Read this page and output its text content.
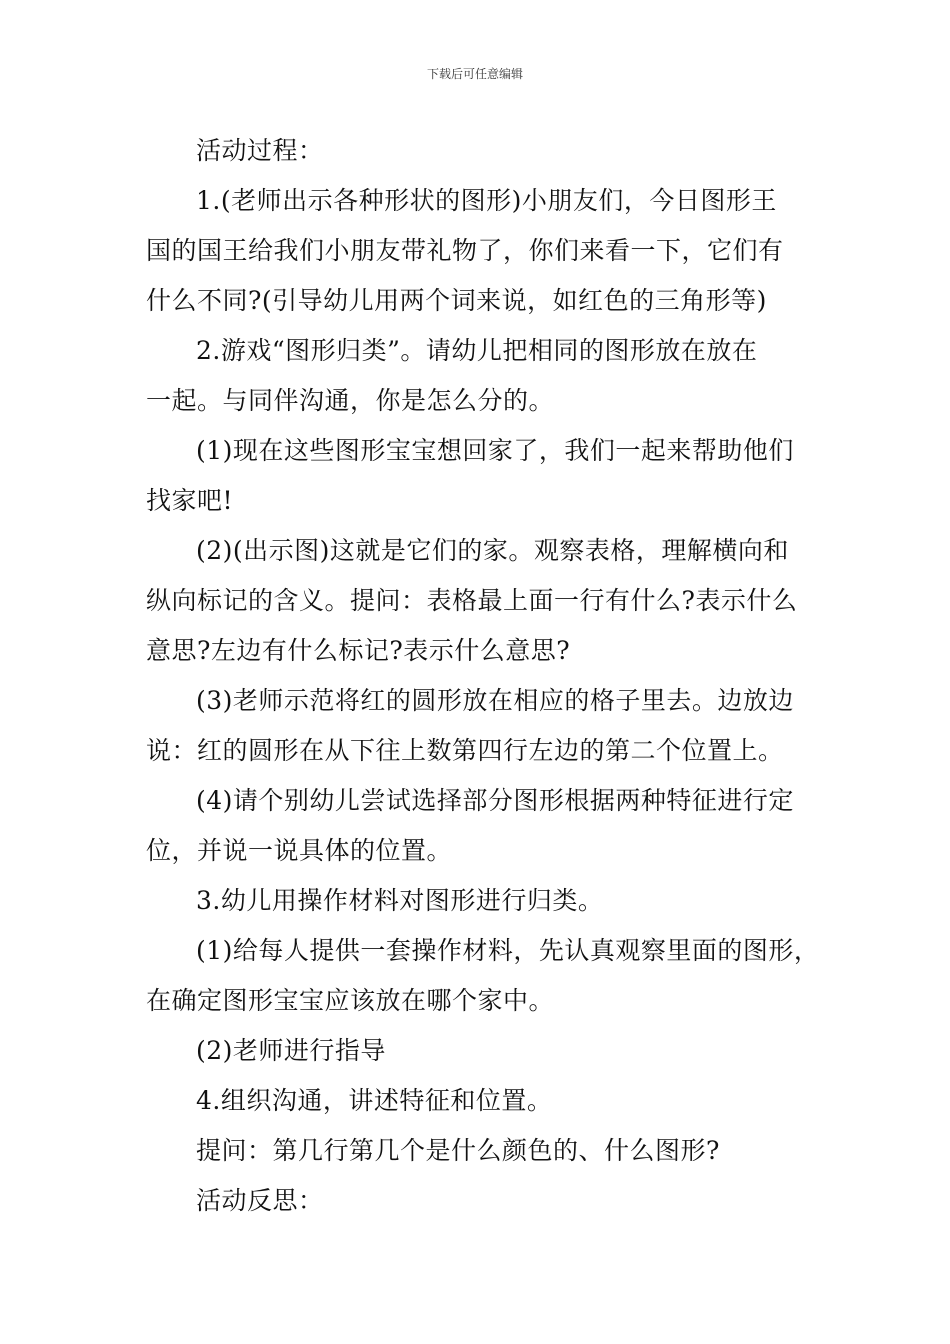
下载后可任意编辑
活动过程：
1.(老师出示各种形状的图形)小朋友们，今日图形王
国的国王给我们小朋友带礼物了，你们来看一下，它们有
什么不同?(引导幼儿用两个词来说，如红色的三角形等)
2.游戏“图形归类”。请幼儿把相同的图形放在放在
一起。与同伴沟通，你是怎么分的。
(1)现在这些图形宝宝想回家了，我们一起来帮助他们
找家吧!
(2)(出示图)这就是它们的家。观察表格，理解横向和
纵向标记的含义。提问：表格最上面一行有什么?表示什么
意思?左边有什么标记?表示什么意思?
(3)老师示范将红的圆形放在相应的格子里去。边放边
说：红的圆形在从下往上数第四行左边的第二个位置上。
(4)请个别幼儿尝试选择部分图形根据两种特征进行定
位，并说一说具体的位置。
3.幼儿用操作材料对图形进行归类。
(1)给每人提供一套操作材料，先认真观察里面的图形，
在确定图形宝宝应该放在哪个家中。
(2)老师进行指导
4.组织沟通，讲述特征和位置。
提问：第几行第几个是什么颜色的、什么图形?
活动反思：
